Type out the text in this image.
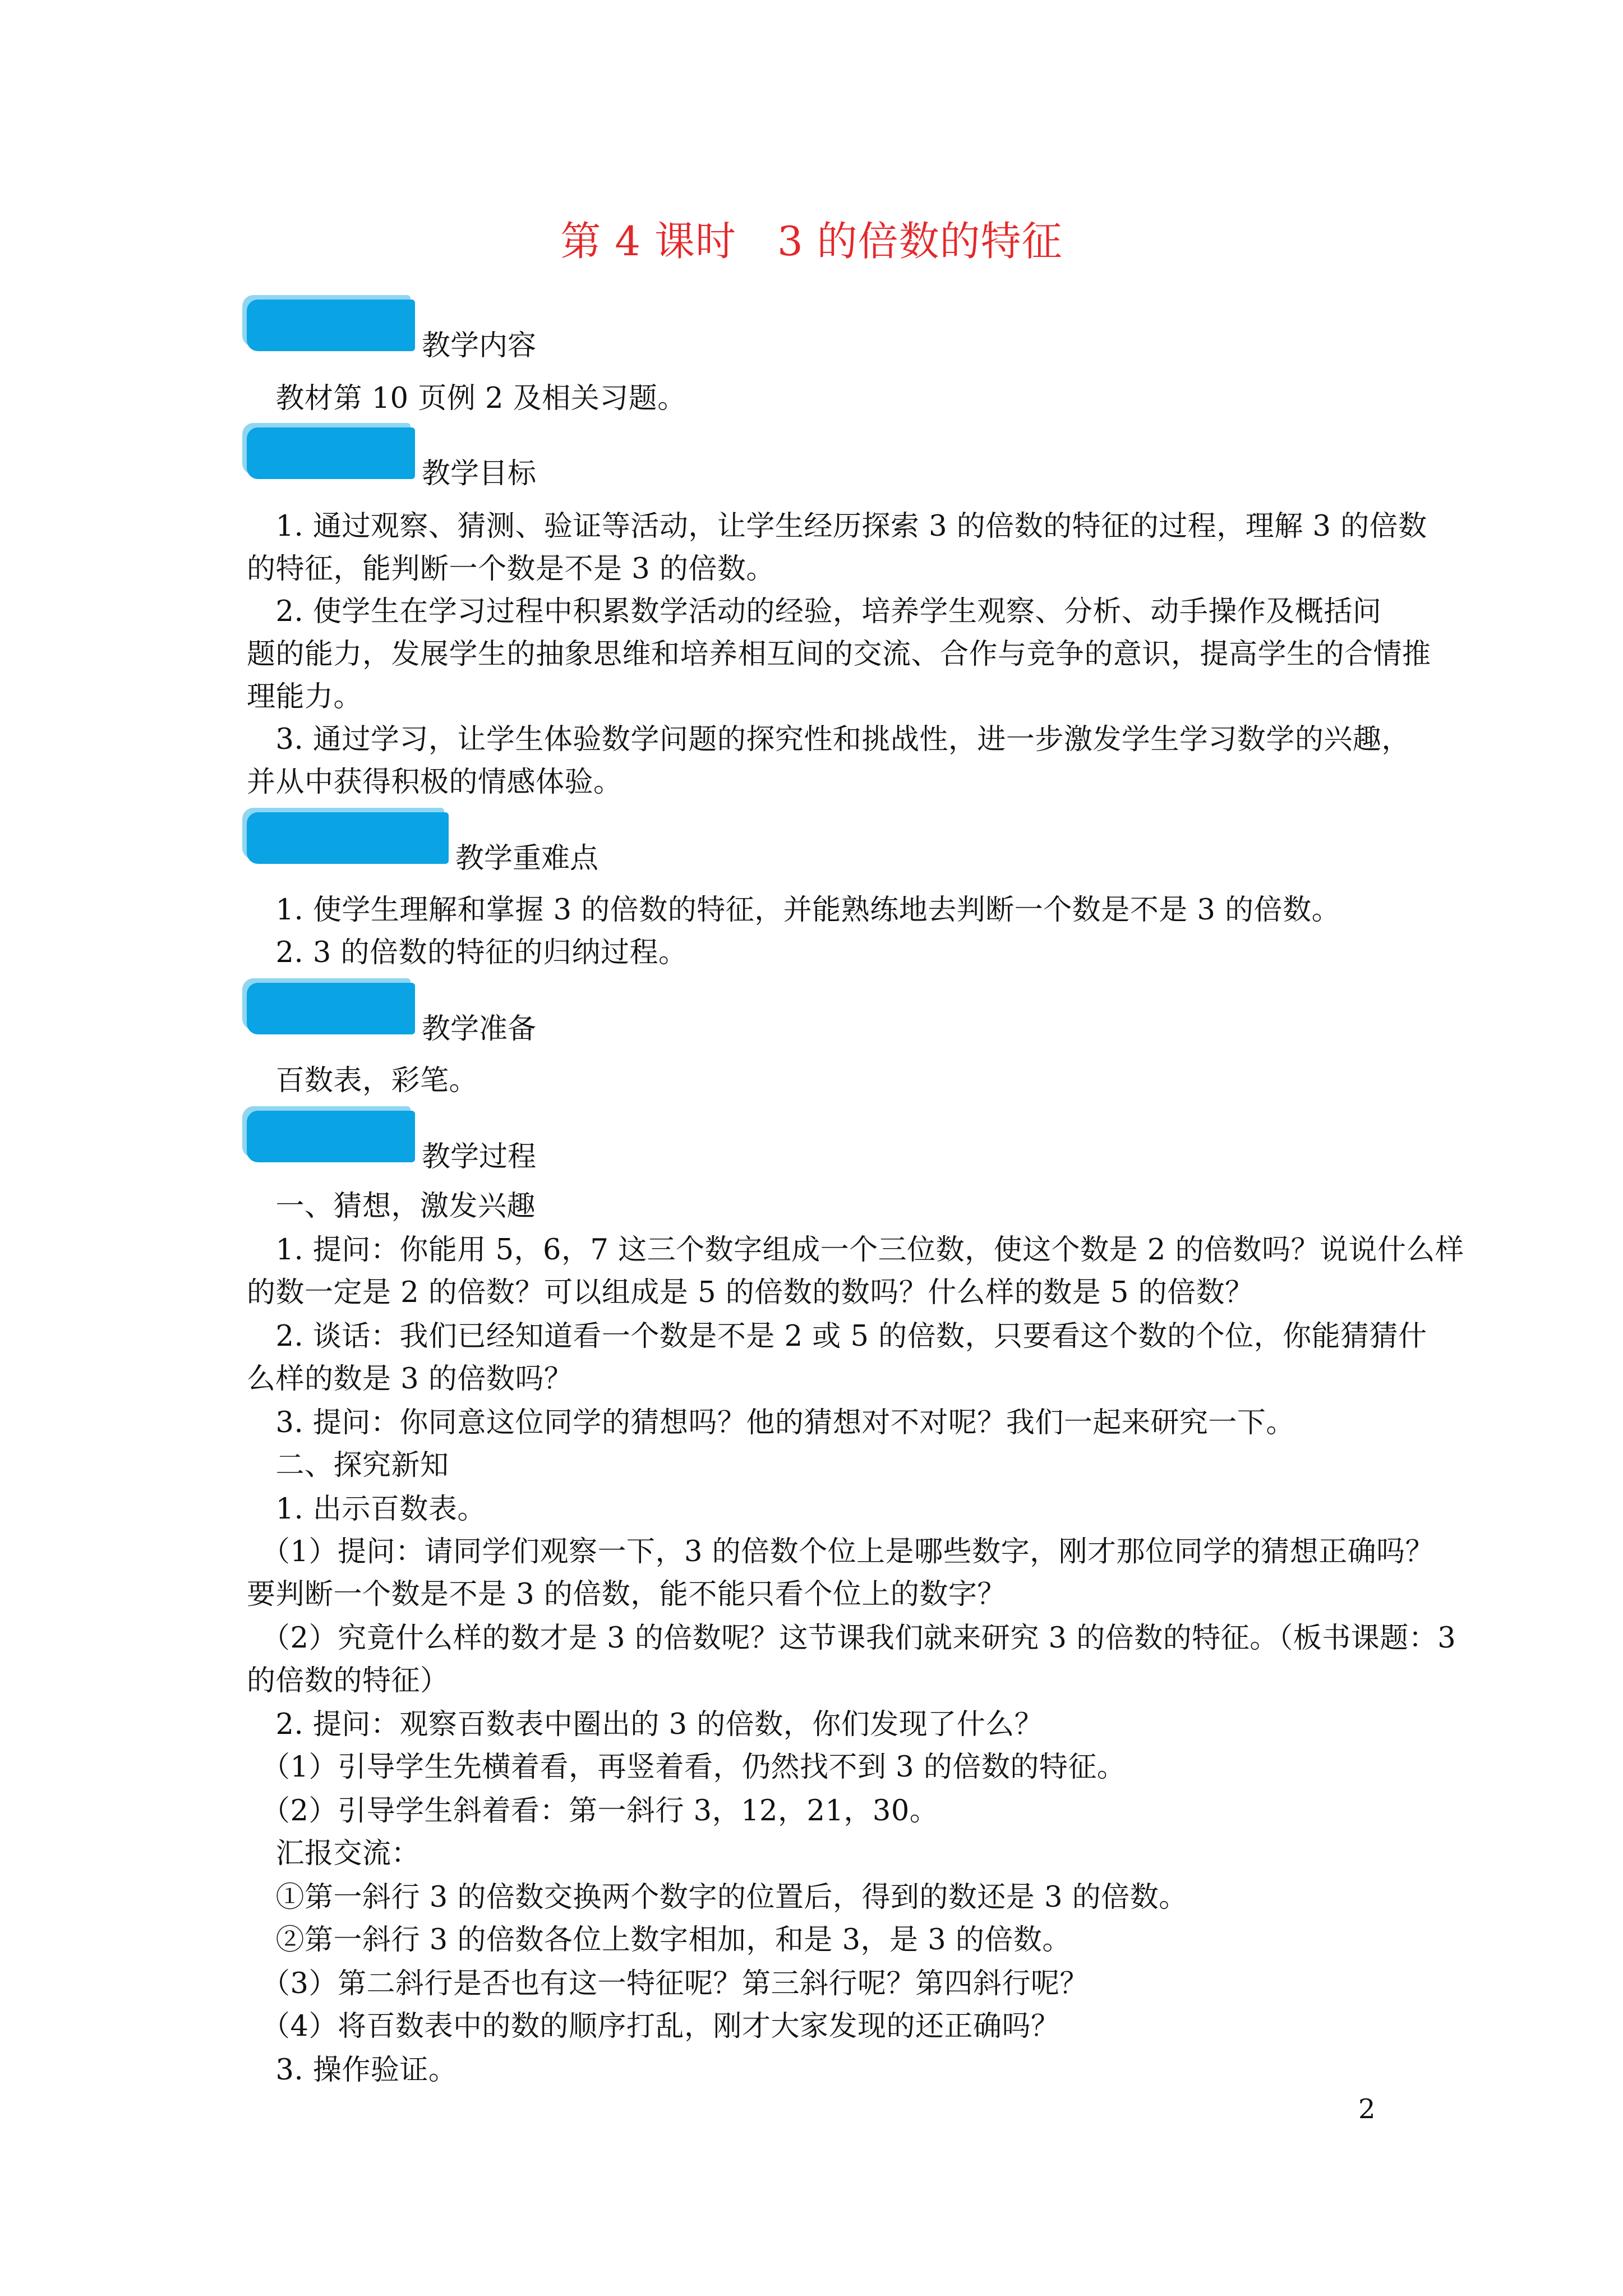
第 4 课时　3 的倍数的特征
教学内容
　教材第 10 页例 2 及相关习题。
教学目标
　1. 通过观察、猜测、验证等活动，让学生经历探索 3 的倍数的特征的过程，理解 3 的倍数
的特征，能判断一个数是不是 3 的倍数。
　2. 使学生在学习过程中积累数学活动的经验，培养学生观察、分析、动手操作及概括问
题的能力，发展学生的抽象思维和培养相互间的交流、合作与竞争的意识，提高学生的合情推
理能力。
　3. 通过学习，让学生体验数学问题的探究性和挑战性，进一步激发学生学习数学的兴趣，
并从中获得积极的情感体验。
教学重难点
　1. 使学生理解和掌握 3 的倍数的特征，并能熟练地去判断一个数是不是 3 的倍数。
　2. 3 的倍数的特征的归纳过程。
教学准备
　百数表，彩笔。
教学过程
　一、猜想，激发兴趣
　1. 提问：你能用 5，6，7 这三个数字组成一个三位数，使这个数是 2 的倍数吗？说说什么样
的数一定是 2 的倍数？可以组成是 5 的倍数的数吗？什么样的数是 5 的倍数？
　2. 谈话：我们已经知道看一个数是不是 2 或 5 的倍数，只要看这个数的个位，你能猜猜什
么样的数是 3 的倍数吗？
　3. 提问：你同意这位同学的猜想吗？他的猜想对不对呢？我们一起来研究一下。
　二、探究新知
　1. 出示百数表。
　（1）提问：请同学们观察一下，3 的倍数个位上是哪些数字，刚才那位同学的猜想正确吗？
要判断一个数是不是 3 的倍数，能不能只看个位上的数字？
　（2）究竟什么样的数才是 3 的倍数呢？这节课我们就来研究 3 的倍数的特征。（板书课题：3
的倍数的特征）
　2. 提问：观察百数表中圈出的 3 的倍数，你们发现了什么？
　（1）引导学生先横着看，再竖着看，仍然找不到 3 的倍数的特征。
　（2）引导学生斜着看：第一斜行 3，12，21，30。
　汇报交流：
　①第一斜行 3 的倍数交换两个数字的位置后，得到的数还是 3 的倍数。
　②第一斜行 3 的倍数各位上数字相加，和是 3，是 3 的倍数。
　（3）第二斜行是否也有这一特征呢？第三斜行呢？第四斜行呢？
　（4）将百数表中的数的顺序打乱，刚才大家发现的还正确吗？
　3. 操作验证。
2
